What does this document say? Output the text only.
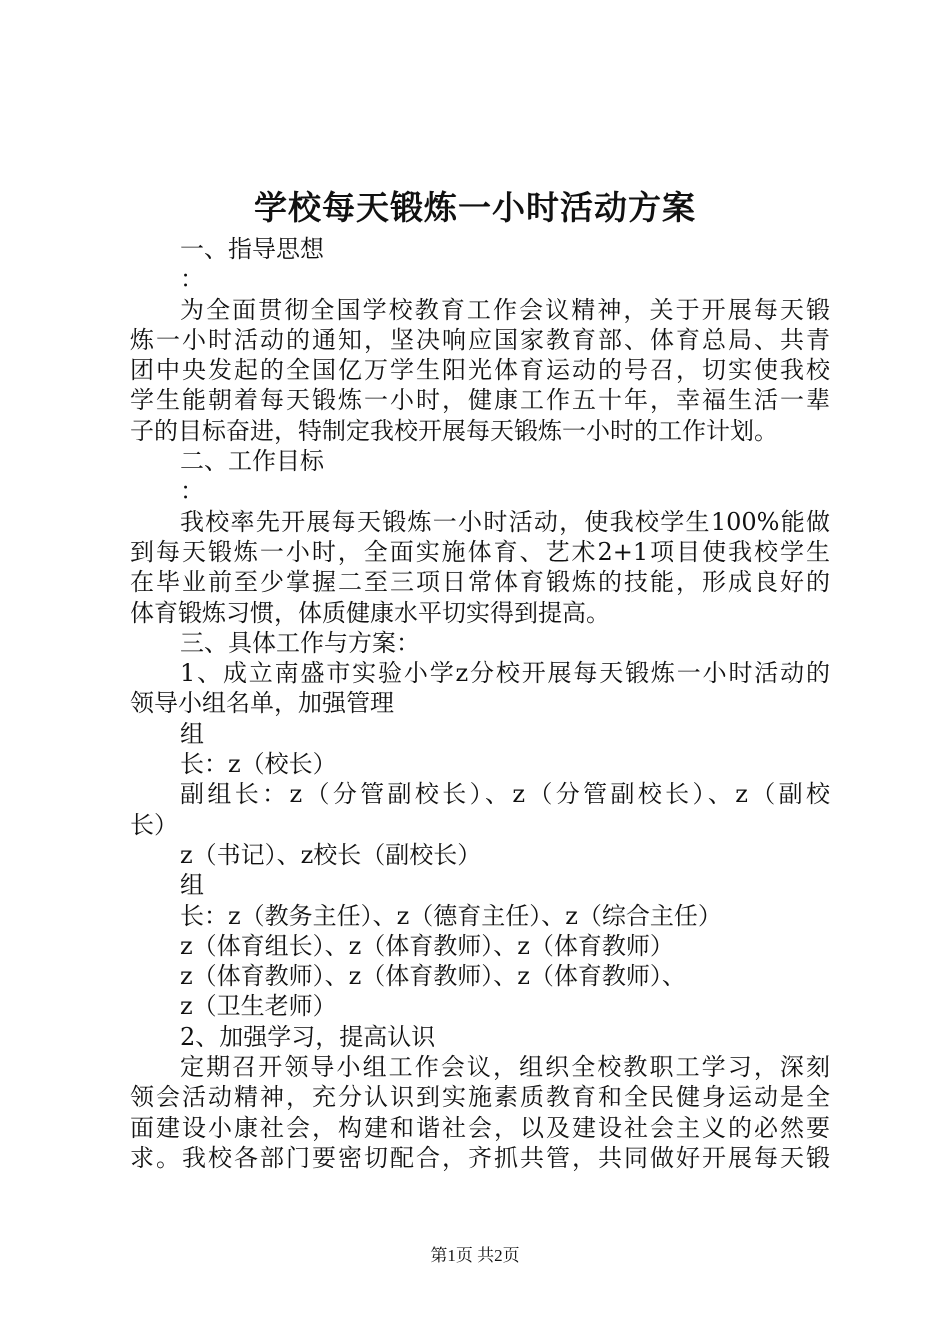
学校每天锻炼一小时活动方案
一、指导思想
：
为全面贯彻全国学校教育工作会议精神，关于开展每天锻
炼一小时活动的通知，坚决响应国家教育部、体育总局、共青
团中央发起的全国亿万学生阳光体育运动的号召，切实使我校
学生能朝着每天锻炼一小时，健康工作五十年，幸福生活一辈
子的目标奋进，特制定我校开展每天锻炼一小时的工作计划。
二、工作目标
：
我校率先开展每天锻炼一小时活动，使我校学生100%能做
到每天锻炼一小时，全面实施体育、艺术2+1项目使我校学生
在毕业前至少掌握二至三项日常体育锻炼的技能，形成良好的
体育锻炼习惯，体质健康水平切实得到提高。
三、具体工作与方案：
1、成立南盛市实验小学z分校开展每天锻炼一小时活动的
领导小组名单，加强管理
组
长：z（校长）
副组长：z（分管副校长）、z（分管副校长）、z（副校
长）
z（书记）、z校长（副校长）
组
长：z（教务主任）、z（德育主任）、z（综合主任）
z（体育组长）、z（体育教师）、z（体育教师）
z（体育教师）、z（体育教师）、z（体育教师）、
z（卫生老师）
2、加强学习，提高认识
定期召开领导小组工作会议，组织全校教职工学习，深刻
领会活动精神，充分认识到实施素质教育和全民健身运动是全
面建设小康社会，构建和谐社会，以及建设社会主义的必然要
求。我校各部门要密切配合，齐抓共管，共同做好开展每天锻
第1页 共2页
